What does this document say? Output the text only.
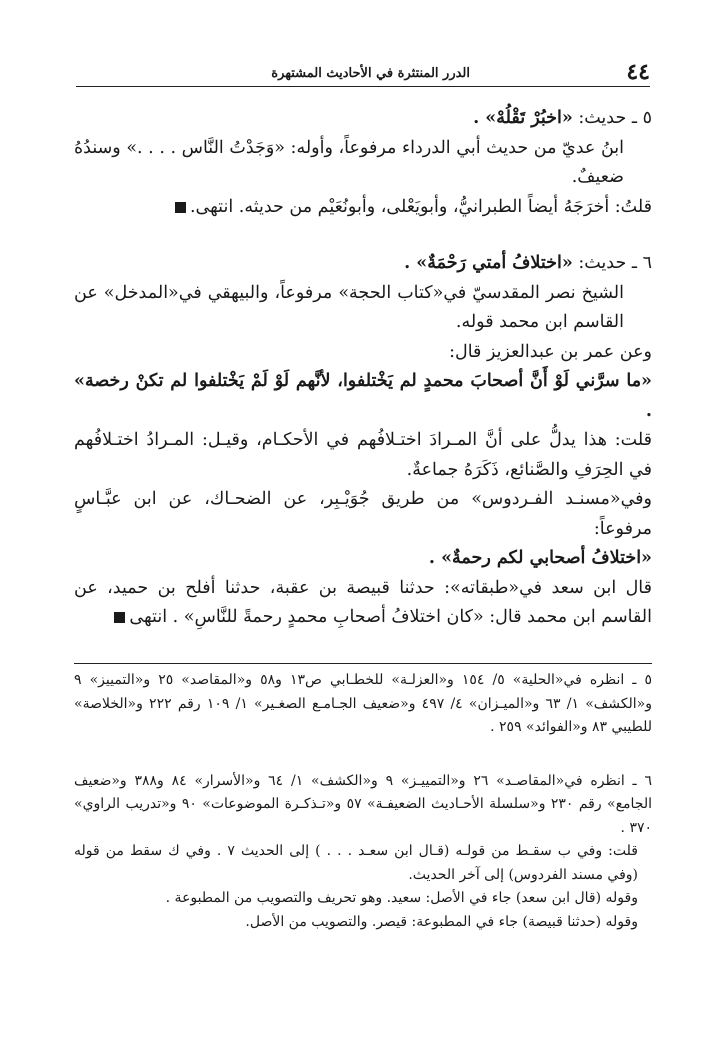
٤٤
الدرر المنتثرة في الأحاديث المشتهرة

٥ ـ حديث: «اخبُرْ تَقْلُهْ» .

ابنُ عديّ من حديث أبي الدرداء مرفوعاً، وأوله: «وَجَدْتُ النَّاس . . . .» وسندُهُ ضعيفٌ.

قلتُ: أخرَجَهُ أيضاً الطبرانيُّ، وأبويَعْلى، وأبونُعَيْم من حديثه. انتهى.

٦ ـ حديث: «اختلافُ أمتي رَحْمَةٌ» .

الشيخ نصر المقدسيّ في«كتاب الحجة» مرفوعاً، والبيهقي في«المدخل» عن القاسم ابن محمد قوله.

وعن عمر بن عبدالعزيز قال:

«ما سرَّني لَوْ أَنَّ أصحابَ محمدٍ لم يَخْتلفوا، لأنَّهم لَوْ لَمْ يَخْتلفوا لم تكنْ رخصة» .

قلت: هذا يدلُّ على أنَّ المـرادَ اختـلافُهم في الأحكـام، وقيـل: المـرادُ اختـلافُهم في الحِرَفِ والصَّنائع، ذَكَرَهُ جماعةٌ.

وفي«مسنـد الفـردوس» من طريق جُوَيْـبِر، عن الضحـاك، عن ابن عبَّـاسٍ مرفوعاً:

«اختلافُ أصحابي لكم رحمةٌ» .

قال ابن سعد في«طبقاته»: حدثنا قبيصة بن عقبة، حدثنا أفلح بن حميد، عن القاسم ابن محمد قال: «كان اختلافُ أصحابِ محمدٍ رحمةً للنَّاسِ» . انتهى

٥ ـ انظره في«الحلية» ٥/ ١٥٤ و«العزلـة» للخطـابي ص١٣ و٥٨ و«المقاصد» ٢٥ و«التمييز» ٩ و«الكشف» ١/ ٦٣ و«الميـزان» ٤/ ٤٩٧ و«ضعيف الجـامـع الصغـير» ١/ ١٠٩ رقم ٢٢٢ و«الخلاصة» للطيبي ٨٣ و«الفوائد» ٢٥٩ .

٦ ـ انظره في«المقاصـد» ٢٦ و«التمييـز» ٩ و«الكشف» ١/ ٦٤ و«الأسرار» ٨٤ و٣٨٨ و«ضعيف الجامع» رقم ٢٣٠ و«سلسلة الأحـاديث الضعيفـة» ٥٧ و«تـذكـرة الموضوعات» ٩٠ و«تدريب الراوي» ٣٧٠ .

قلت: وفي ب سقـط من قولـه (قـال ابن سعـد . . . ) إلى الحديث ٧ . وفي ك سقط من قوله (وفي مسند الفردوس) إلى آخر الحديث.

وقوله (قال ابن سعد) جاء في الأصل: سعيد. وهو تحريف والتصويب من المطبوعة .

وقوله (حدثنا قبيصة) جاء في المطبوعة: قيصر. والتصويب من الأصل.
